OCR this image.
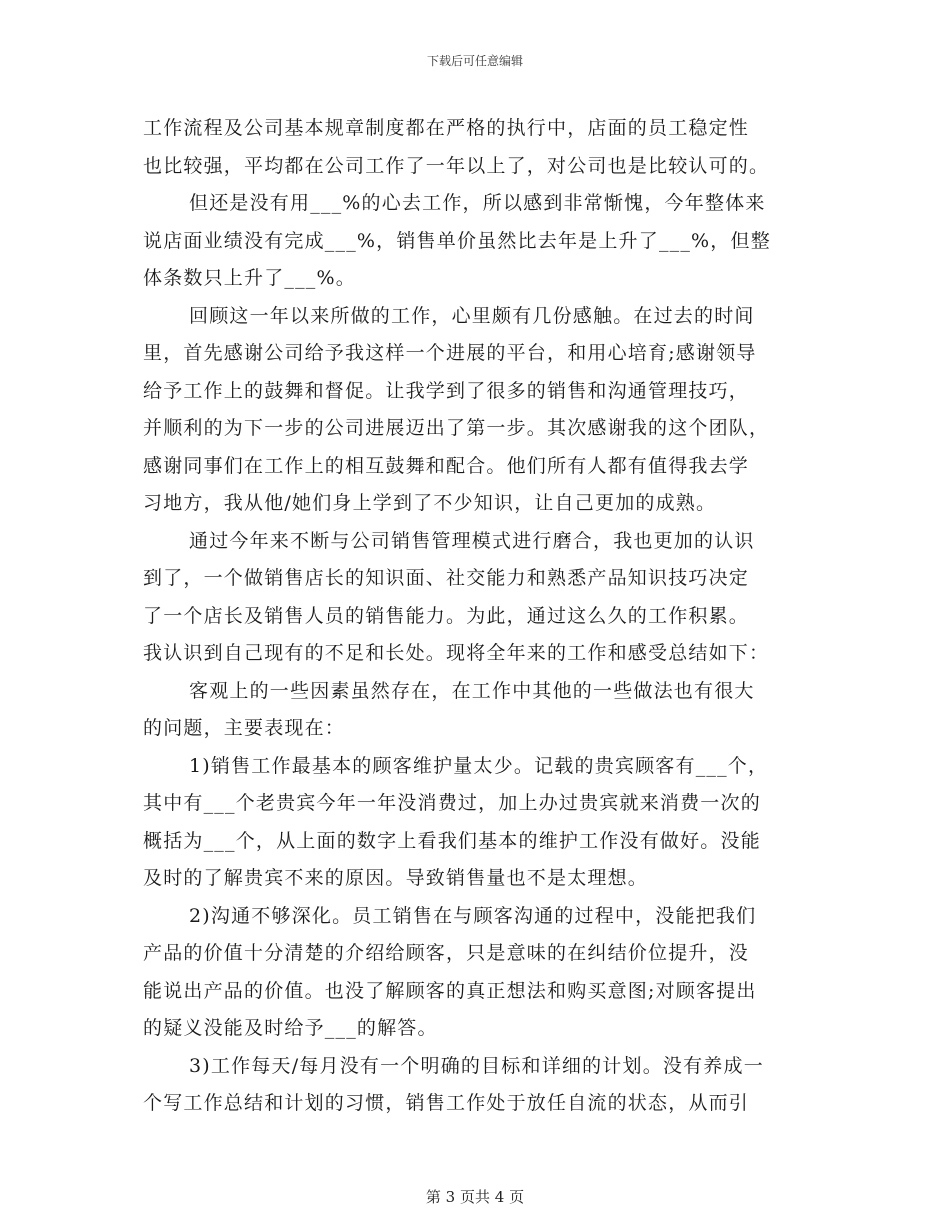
下载后可任意编辑
工作流程及公司基本规章制度都在严格的执行中，店面的员工稳定性
也比较强，平均都在公司工作了一年以上了，对公司也是比较认可的。
但还是没有用___%的心去工作，所以感到非常惭愧，今年整体来
说店面业绩没有完成___%，销售单价虽然比去年是上升了___%，但整
体条数只上升了___%。
回顾这一年以来所做的工作，心里颇有几份感触。在过去的时间
里，首先感谢公司给予我这样一个进展的平台，和用心培育;感谢领导
给予工作上的鼓舞和督促。让我学到了很多的销售和沟通管理技巧，
并顺利的为下一步的公司进展迈出了第一步。其次感谢我的这个团队，
感谢同事们在工作上的相互鼓舞和配合。他们所有人都有值得我去学
习地方，我从他/她们身上学到了不少知识，让自己更加的成熟。
通过今年来不断与公司销售管理模式进行磨合，我也更加的认识
到了，一个做销售店长的知识面、社交能力和熟悉产品知识技巧决定
了一个店长及销售人员的销售能力。为此，通过这么久的工作积累。
我认识到自己现有的不足和长处。现将全年来的工作和感受总结如下：
客观上的一些因素虽然存在，在工作中其他的一些做法也有很大
的问题，主要表现在：
1)销售工作最基本的顾客维护量太少。记载的贵宾顾客有___个，
其中有___个老贵宾今年一年没消费过，加上办过贵宾就来消费一次的
概括为___个，从上面的数字上看我们基本的维护工作没有做好。没能
及时的了解贵宾不来的原因。导致销售量也不是太理想。
2)沟通不够深化。员工销售在与顾客沟通的过程中，没能把我们
产品的价值十分清楚的介绍给顾客，只是意味的在纠结价位提升，没
能说出产品的价值。也没了解顾客的真正想法和购买意图;对顾客提出
的疑义没能及时给予___的解答。
3)工作每天/每月没有一个明确的目标和详细的计划。没有养成一
个写工作总结和计划的习惯，销售工作处于放任自流的状态，从而引
第 3 页共 4 页
